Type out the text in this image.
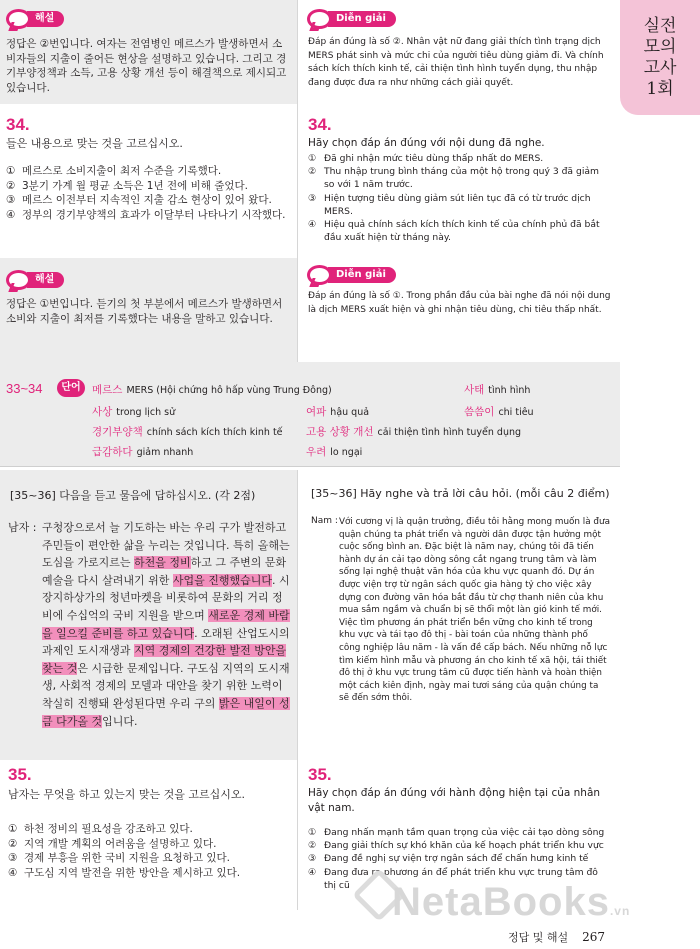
실전
모의
고사
1회
해설
정답은 ②번입니다. 여자는 전염병인 메르스가 발생하면서 소비자들의 지출이 줄어든 현상을 설명하고 있습니다. 그리고 경기부양정책과 소득, 고용 상황 개선 등이 해결책으로 제시되고 있습니다.
Diễn giải
Đáp án đúng là số ②. Nhân vật nữ đang giải thích tình trạng dịch MERS phát sinh và mức chi của người tiêu dùng giảm đi. Và chính sách kích thích kinh tế, cải thiện tình hình tuyển dụng, thu nhập đang được đưa ra như những cách giải quyết.
34.
들은 내용으로 맞는 것을 고르십시오.
① 메르스로 소비지출이 최저 수준을 기록했다.
② 3분기 가계 월 평균 소득은 1년 전에 비해 줄었다.
③ 메르스 이전부터 지속적인 지출 감소 현상이 있어 왔다.
④ 정부의 경기부양책의 효과가 이달부터 나타나기 시작했다.
34.
Hãy chọn đáp án đúng với nội dung đã nghe.
① Đã ghi nhận mức tiêu dùng thấp nhất do MERS.
② Thu nhập trung bình tháng của một hộ trong quý 3 đã giảm so với 1 năm trước.
③ Hiện tượng tiêu dùng giảm sút liên tục đã có từ trước dịch MERS.
④ Hiệu quả chính sách kích thích kinh tế của chính phủ đã bắt đầu xuất hiện từ tháng này.
해설
정답은 ①번입니다. 듣기의 첫 부분에서 메르스가 발생하면서 소비와 지출이 최저를 기록했다는 내용을 말하고 있습니다.
Diễn giải
Đáp án đúng là số ①. Trong phần đầu của bài nghe đã nói nội dung là dịch MERS xuất hiện và ghi nhận tiêu dùng, chi tiêu thấp nhất.
33~34	단어	메르스 MERS (Hội chứng hô hấp vùng Trung Đông)	사태 tình hình
사상 trong lịch sử	여파 hậu quả	씀씀이 chi tiêu
경기부양책 chính sách kích thích kinh tế 고용 상황 개선 cải thiện tình hình tuyển dụng
급감하다 giảm nhanh	우려 lo ngại
[35~36] 다음을 듣고 물음에 답하십시오. (각 2점)	[35~36] Hãy nghe và trả lời câu hỏi. (mỗi câu 2 điểm)
남자 : 구청장으로서 늘 기도하는 바는 우리 구가 발전하고 주민들이 편안한 삶을 누리는 것입니다. 특히 올해는 도심을 가로지르는 하천을 정비하고 그 주변의 문화예술을 다시 살려내기 위한 사업을 진행했습니다. 시장지하상가의 청년마켓을 비롯하여 문화의 거리 정비에 수십억의 국비 지원을 받으며 새로운 경제 바람을 일으킬 준비를 하고 있습니다. 오래된 산업도시의 과제인 도시재생과 지역 경제의 건강한 발전 방안을 찾는 것은 시급한 문제입니다. 구도심 지역의 도시재생, 사회적 경제의 모델과 대안을 찾기 위한 노력이 착실히 진행돼 완성된다면 우리 구의 밝은 내일이 성큼 다가올 것입니다.
Nam : Với cương vị là quận trưởng, điều tôi hằng mong muốn là đưa quận chúng ta phát triển và người dân được tận hưởng một cuộc sống bình an. Đặc biệt là năm nay, chúng tôi đã tiến hành dự án cải tạo dòng sông cắt ngang trung tâm và làm sống lại nghệ thuật văn hóa của khu vực quanh đó. Dự án được viện trợ từ ngân sách quốc gia hàng tỷ cho việc xây dựng con đường văn hóa bắt đầu từ chợ thanh niên của khu mua sắm ngầm và chuẩn bị sẽ thổi một làn gió kinh tế mới. Việc tìm phương án phát triển bền vững cho kinh tế trong khu vực và tái tạo đô thị - bài toán của những thành phố công nghiệp lâu năm - là vấn đề cấp bách. Nếu những nỗ lực tìm kiếm hình mẫu và phương án cho kinh tế xã hội, tái thiết đô thị ở khu vực trung tâm cũ được tiến hành và hoàn thiện một cách kiên định, ngày mai tươi sáng của quận chúng ta sẽ đến sớm thôi.
35.
남자는 무엇을 하고 있는지 맞는 것을 고르십시오.
① 하천 정비의 필요성을 강조하고 있다.
② 지역 개발 계획의 어려움을 설명하고 있다.
③ 경제 부흥을 위한 국비 지원을 요청하고 있다.
④ 구도심 지역 발전을 위한 방안을 제시하고 있다.
35.
Hãy chọn đáp án đúng với hành động hiện tại của nhân vật nam.
① Đang nhấn mạnh tầm quan trọng của việc cải tạo dòng sông
② Đang giải thích sự khó khăn của kế hoạch phát triển khu vực
③ Đang đề nghị sự viện trợ ngân sách để chấn hưng kinh tế
④ Đang đưa ra phương án để phát triển khu vực trung tâm đô thị cũ	NetaBooks.vn
정답 및 해설 267
